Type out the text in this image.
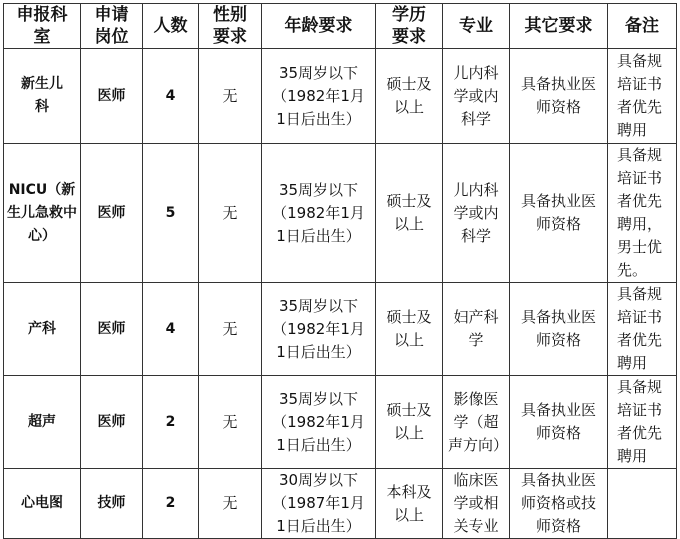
申报科室	申请岗位	人数	性别要求	年龄要求	学历要求	专业	其它要求	备注
新生儿科	医师	4	无	35周岁以下（1982年1月1日后出生）	硕士及以上	儿内科学或内科学	具备执业医师资格	具备规培证书者优先聘用
NICU（新生儿急救中心）	医师	5	无	35周岁以下（1982年1月1日后出生）	硕士及以上	儿内科学或内科学	具备执业医师资格	具备规培证书者优先聘用，男士优先。
产科	医师	4	无	35周岁以下（1982年1月1日后出生）	硕士及以上	妇产科学	具备执业医师资格	具备规培证书者优先聘用
超声	医师	2	无	35周岁以下（1982年1月1日后出生）	硕士及以上	影像医学（超声方向）	具备执业医师资格	具备规培证书者优先聘用
心电图	技师	2	无	30周岁以下（1987年1月1日后出生）	本科及以上	临床医学或相关专业	具备执业医师资格或技师资格	
